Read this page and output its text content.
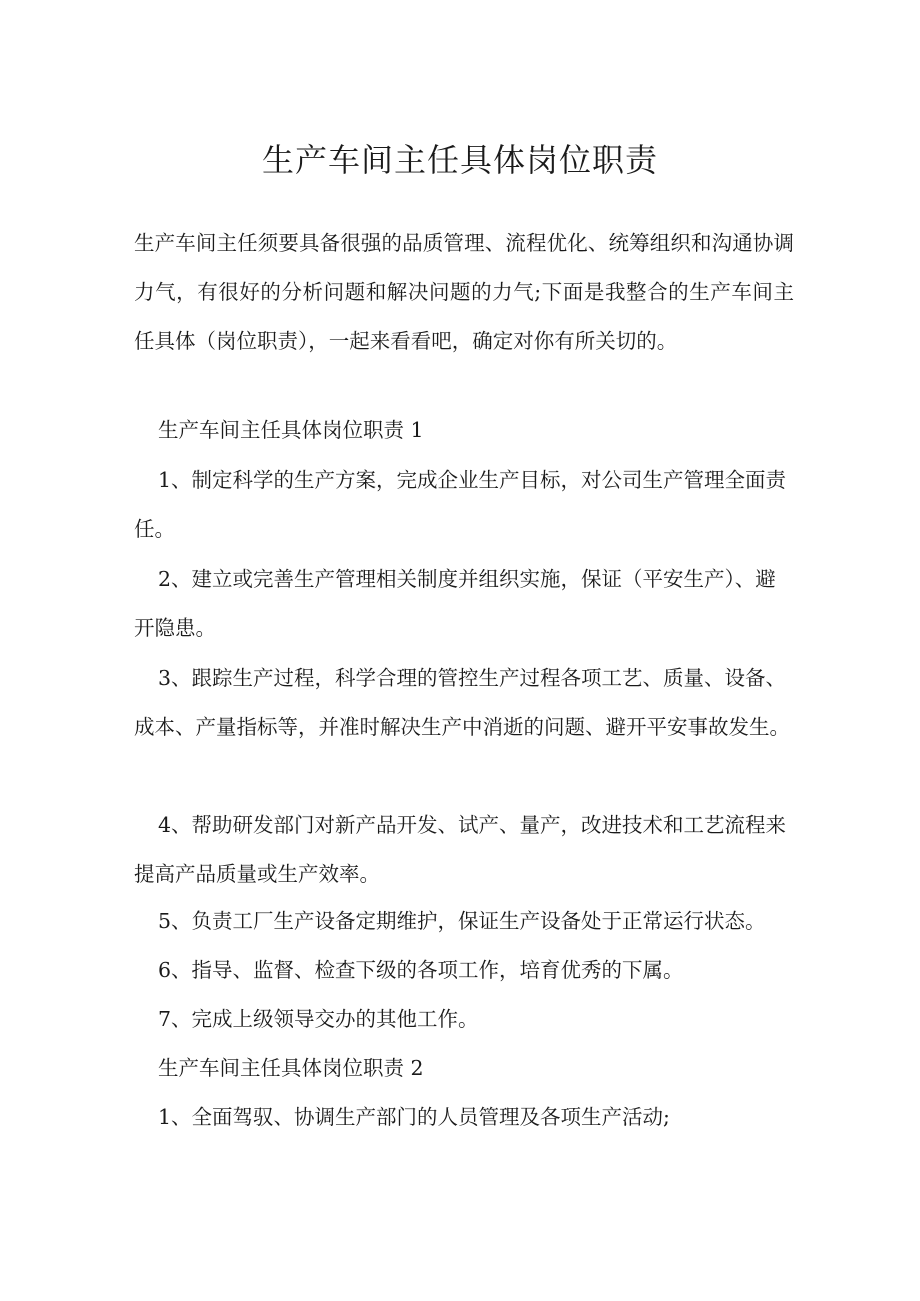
生产车间主任具体岗位职责
生产车间主任须要具备很强的品质管理、流程优化、统筹组织和沟通协调力气，有很好的分析问题和解决问题的力气;下面是我整合的生产车间主任具体（岗位职责），一起来看看吧，确定对你有所关切的。
生产车间主任具体岗位职责 1
1、制定科学的生产方案，完成企业生产目标，对公司生产管理全面责任。
2、建立或完善生产管理相关制度并组织实施，保证（平安生产）、避开隐患。
3、跟踪生产过程，科学合理的管控生产过程各项工艺、质量、设备、成本、产量指标等，并准时解决生产中消逝的问题、避开平安事故发生。
4、帮助研发部门对新产品开发、试产、量产，改进技术和工艺流程来提高产品质量或生产效率。
5、负责工厂生产设备定期维护，保证生产设备处于正常运行状态。
6、指导、监督、检查下级的各项工作，培育优秀的下属。
7、完成上级领导交办的其他工作。
生产车间主任具体岗位职责 2
1、全面驾驭、协调生产部门的人员管理及各项生产活动;
